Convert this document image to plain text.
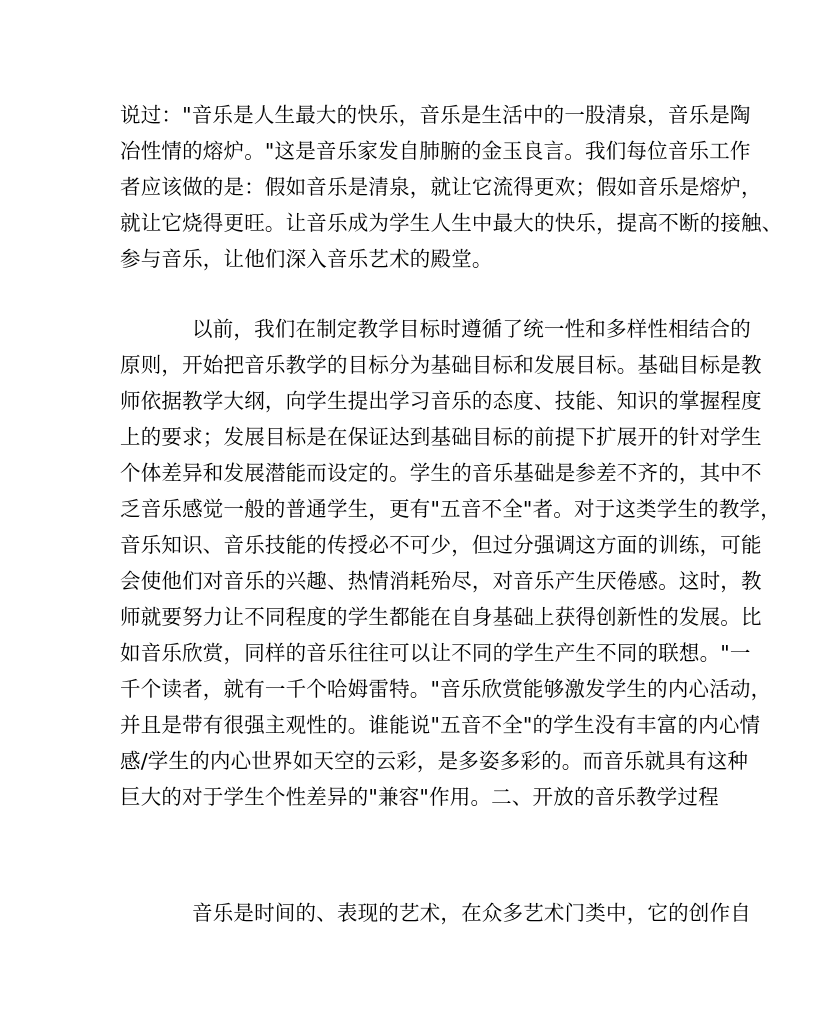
说过："音乐是人生最大的快乐，音乐是生活中的一股清泉，音乐是陶
冶性情的熔炉。"这是音乐家发自肺腑的金玉良言。我们每位音乐工作
者应该做的是：假如音乐是清泉，就让它流得更欢；假如音乐是熔炉，
就让它烧得更旺。让音乐成为学生人生中最大的快乐，提高不断的接触、
参与音乐，让他们深入音乐艺术的殿堂。
以前，我们在制定教学目标时遵循了统一性和多样性相结合的
原则，开始把音乐教学的目标分为基础目标和发展目标。基础目标是教
师依据教学大纲，向学生提出学习音乐的态度、技能、知识的掌握程度
上的要求；发展目标是在保证达到基础目标的前提下扩展开的针对学生
个体差异和发展潜能而设定的。学生的音乐基础是参差不齐的，其中不
乏音乐感觉一般的普通学生，更有"五音不全"者。对于这类学生的教学，
音乐知识、音乐技能的传授必不可少，但过分强调这方面的训练，可能
会使他们对音乐的兴趣、热情消耗殆尽，对音乐产生厌倦感。这时，教
师就要努力让不同程度的学生都能在自身基础上获得创新性的发展。比
如音乐欣赏，同样的音乐往往可以让不同的学生产生不同的联想。"一
千个读者，就有一千个哈姆雷特。"音乐欣赏能够激发学生的内心活动，
并且是带有很强主观性的。谁能说"五音不全"的学生没有丰富的内心情
感/学生的内心世界如天空的云彩，是多姿多彩的。而音乐就具有这种
巨大的对于学生个性差异的"兼容"作用。二、开放的音乐教学过程
音乐是时间的、表现的艺术，在众多艺术门类中，它的创作自
